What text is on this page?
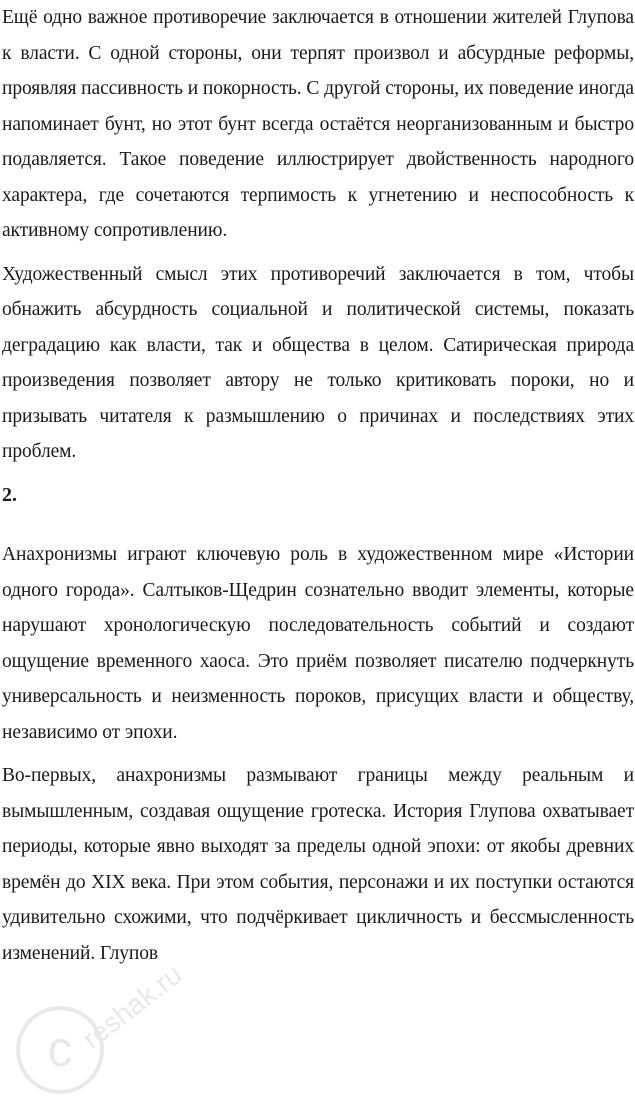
Ещё одно важное противоречие заключается в отношении жителей Глупова к власти. С одной стороны, они терпят произвол и абсурдные реформы, проявляя пассивность и покорность. С другой стороны, их поведение иногда напоминает бунт, но этот бунт всегда остаётся неорганизованным и быстро подавляется. Такое поведение иллюстрирует двойственность народного характера, где сочетаются терпимость к угнетению и неспособность к активному сопротивлению.

Художественный смысл этих противоречий заключается в том, чтобы обнажить абсурдность социальной и политической системы, показать деградацию как власти, так и общества в целом. Сатирическая природа произведения позволяет автору не только критиковать пороки, но и призывать читателя к размышлению о причинах и последствиях этих проблем.

2.

Анахронизмы играют ключевую роль в художественном мире «Истории одного города». Салтыков-Щедрин сознательно вводит элементы, которые нарушают хронологическую последовательность событий и создают ощущение временного хаоса. Это приём позволяет писателю подчеркнуть универсальность и неизменность пороков, присущих власти и обществу, независимо от эпохи.

Во-первых, анахронизмы размывают границы между реальным и вымышленным, создавая ощущение гротеска. История Глупова охватывает периоды, которые явно выходят за пределы одной эпохи: от якобы древних времён до XIX века. При этом события, персонажи и их поступки остаются удивительно схожими, что подчёркивает цикличность и бессмысленность изменений. Глупов

c reshak.ru
